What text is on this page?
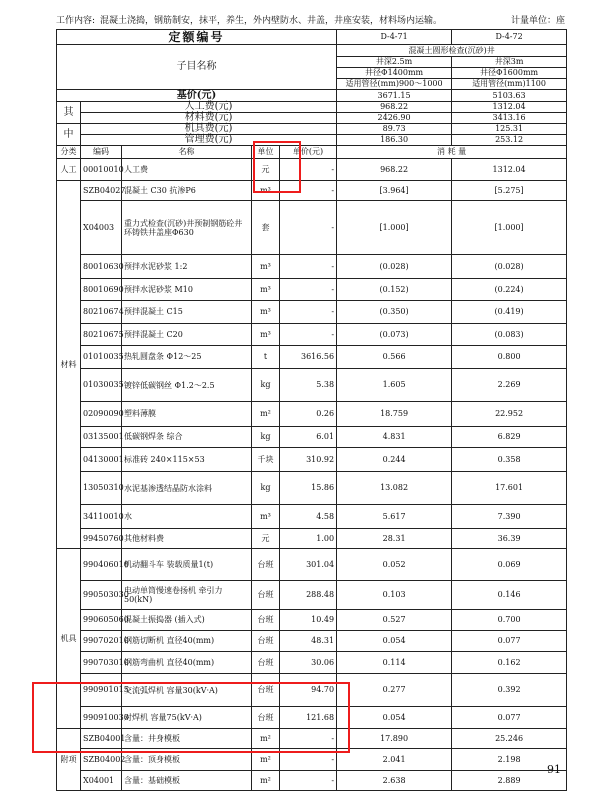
工作内容: 混凝土浇捣，钢筋制安，抹平，养生，外内壁防水、井盖，井座安装，材料场内运输。	计量单位：座
定额编号					D-4-71	D-4-72
子目名称					混凝土圆形检查(沉砂)井	
					井深2.5m	井深3m
					井径Φ1400mm	井径Φ1600mm
					适用管径(mm)900～1000	适用管径(mm)1100
基价(元)					3671.15	5103.63
其	人工费(元)				968.22	1312.04
	材料费(元)				2426.90	3413.16
中	机具费(元)				89.73	125.31
	管理费(元)				186.30	253.12
分类	编码	名称	单位	单价(元)	消 耗 量	
人工	00010010	人工费	元	-	968.22	1312.04
材料	SZB04027	混凝土 C30 抗渗P6	m³	-	[3.964]	[5.275]
	X04003	重力式检查(沉砂)井预制钢筋砼井环铸铁井盖座Φ630	套	-	[1.000]	[1.000]
	80010630	预拌水泥砂浆 1:2	m³	-	(0.028)	(0.028)
	80010690	预拌水泥砂浆 M10	m³	-	(0.152)	(0.224)
	80210674	预拌混凝土 C15	m³	-	(0.350)	(0.419)
	80210675	预拌混凝土 C20	m³	-	(0.073)	(0.083)
	01010035	热轧圆盘条 Φ12～25	t	3616.56	0.566	0.800
	01030035	镀锌低碳钢丝 Φ1.2～2.5	kg	5.38	1.605	2.269
	02090090	塑料薄膜	m²	0.26	18.759	22.952
	03135001	低碳钢焊条 综合	kg	6.01	4.831	6.829
	04130001	标准砖 240×115×53	千块	310.92	0.244	0.358
	13050310	水泥基渗透结晶防水涂料	kg	15.86	13.082	17.601
	34110010	水	m³	4.58	5.617	7.390
	99450760	其他材料费	元	1.00	28.31	36.39
机具	990406010	机动翻斗车 装载质量1(t)	台班	301.04	0.052	0.069
	990503030	电动单筒慢速卷扬机 牵引力50(kN)	台班	288.48	0.103	0.146
	990605060	混凝土振捣器 (插入式)	台班	10.49	0.527	0.700
	990702010	钢筋切断机 直径40(mm)	台班	48.31	0.054	0.077
	990703010	钢筋弯曲机 直径40(mm)	台班	30.06	0.114	0.162
	990901015	交流弧焊机 容量30(kV·A)	台班	94.70	0.277	0.392
	990910030	对焊机 容量75(kV·A)	台班	121.68	0.054	0.077
附项	SZB04001	含量：井身模板	m²	-	17.890	25.246
	SZB04002	含量：顶身模板	m²	-	2.041	2.198
	X04001	含量：基础模板	m²	-	2.638	2.889
91
